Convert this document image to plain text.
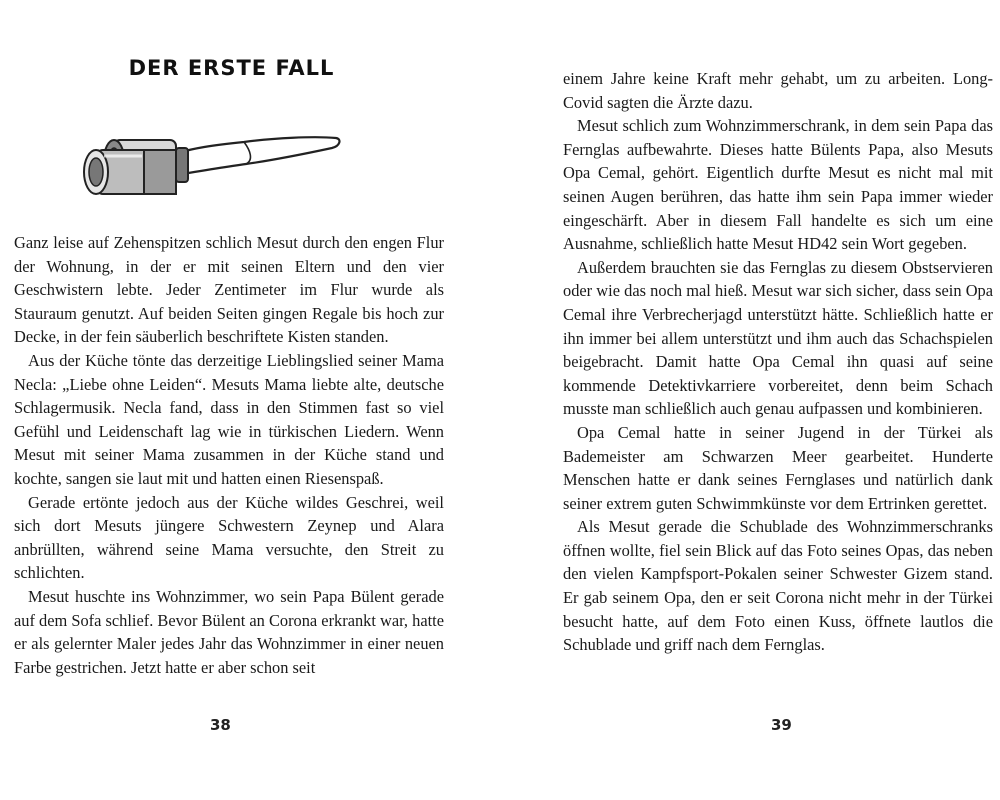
DER ERSTE FALL

Ganz leise auf Zehenspitzen schlich Mesut durch den engen Flur der Wohnung, in der er mit seinen Eltern und den vier Geschwistern lebte. Jeder Zentimeter im Flur wurde als Stauraum genutzt. Auf beiden Seiten gingen Regale bis hoch zur Decke, in der fein säuberlich beschriftete Kisten standen.

Aus der Küche tönte das derzeitige Lieblingslied seiner Mama Necla: „Liebe ohne Leiden“. Mesuts Mama liebte alte, deutsche Schlagermusik. Necla fand, dass in den Stimmen fast so viel Gefühl und Leidenschaft lag wie in türkischen Liedern. Wenn Mesut mit seiner Mama zusammen in der Küche stand und kochte, sangen sie laut mit und hatten einen Riesenspaß.

Gerade ertönte jedoch aus der Küche wildes Geschrei, weil sich dort Mesuts jüngere Schwestern Zeynep und Alara anbrüllten, während seine Mama versuchte, den Streit zu schlichten.

Mesut huschte ins Wohnzimmer, wo sein Papa Bülent gerade auf dem Sofa schlief. Bevor Bülent an Corona erkrankt war, hatte er als gelernter Maler jedes Jahr das Wohnzimmer in einer neuen Farbe gestrichen. Jetzt hatte er aber schon seit

38

einem Jahre keine Kraft mehr gehabt, um zu arbeiten. Long-Covid sagten die Ärzte dazu.

Mesut schlich zum Wohnzimmerschrank, in dem sein Papa das Fernglas aufbewahrte. Dieses hatte Bülents Papa, also Mesuts Opa Cemal, gehört. Eigentlich durfte Mesut es nicht mal mit seinen Augen berühren, das hatte ihm sein Papa immer wieder eingeschärft. Aber in diesem Fall handelte es sich um eine Ausnahme, schließlich hatte Mesut HD42 sein Wort gegeben.

Außerdem brauchten sie das Fernglas zu diesem Obstservieren oder wie das noch mal hieß. Mesut war sich sicher, dass sein Opa Cemal ihre Verbrecherjagd unterstützt hätte. Schließlich hatte er ihn immer bei allem unterstützt und ihm auch das Schachspielen beigebracht. Damit hatte Opa Cemal ihn quasi auf seine kommende Detektivkarriere vorbereitet, denn beim Schach musste man schließlich auch genau aufpassen und kombinieren.

Opa Cemal hatte in seiner Jugend in der Türkei als Bademeister am Schwarzen Meer gearbeitet. Hunderte Menschen hatte er dank seines Fernglases und natürlich dank seiner extrem guten Schwimmkünste vor dem Ertrinken gerettet.

Als Mesut gerade die Schublade des Wohnzimmerschranks öffnen wollte, fiel sein Blick auf das Foto seines Opas, das neben den vielen Kampfsport-Pokalen seiner Schwester Gizem stand. Er gab seinem Opa, den er seit Corona nicht mehr in der Türkei besucht hatte, auf dem Foto einen Kuss, öffnete lautlos die Schublade und griff nach dem Fernglas.

39
